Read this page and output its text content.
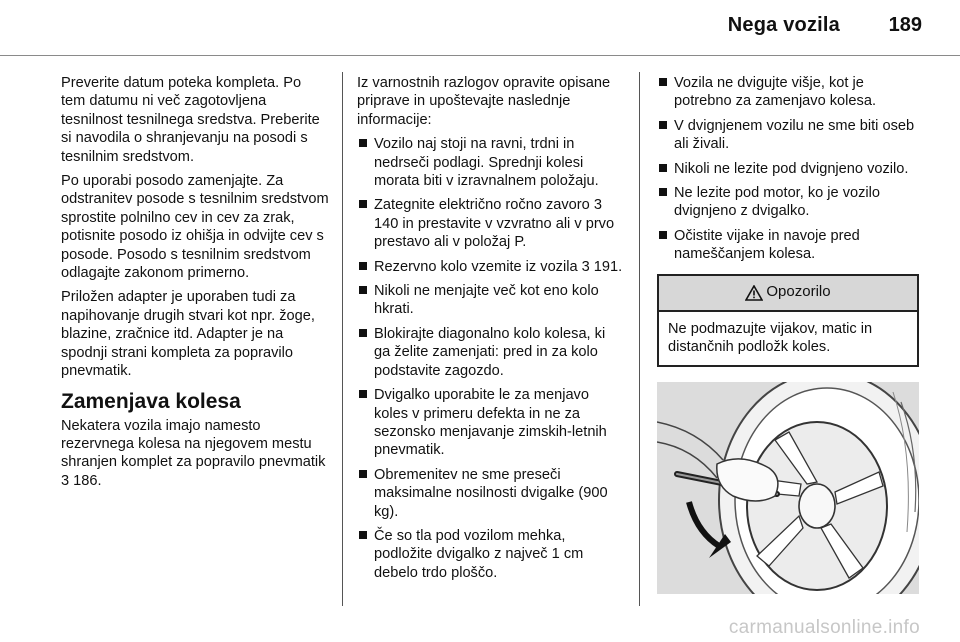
Nega vozila 189

Preverite datum poteka kompleta. Po tem datumu ni več zagotovljena tesnilnost tesnilnega sredstva. Preberite si navodila o shranjevanju na posodi s tesnilnim sredstvom.

Po uporabi posodo zamenjajte. Za odstranitev posode s tesnilnim sredstvom sprostite polnilno cev in cev za zrak, potisnite posodo iz ohišja in odvijte cev s posode. Posodo s tesnilnim sredstvom odlagajte zakonom primerno.

Priložen adapter je uporaben tudi za napihovanje drugih stvari kot npr. žoge, blazine, zračnice itd. Adapter je na spodnji strani kompleta za popravilo pnevmatik.

Zamenjava kolesa

Nekatera vozila imajo namesto rezervnega kolesa na njegovem mestu shranjen komplet za popravilo pnevmatik 3 186.

Iz varnostnih razlogov opravite opisane priprave in upoštevajte naslednje informacije:

Vozilo naj stoji na ravni, trdni in nedrseči podlagi. Sprednji kolesi morata biti v izravnalnem položaju.
Zategnite električno ročno zavoro 3 140 in prestavite v vzvratno ali v prvo prestavo ali v položaj P.
Rezervno kolo vzemite iz vozila 3 191.
Nikoli ne menjajte več kot eno kolo hkrati.
Blokirajte diagonalno kolo kolesa, ki ga želite zamenjati: pred in za kolo podstavite zagozdo.
Dvigalko uporabite le za menjavo koles v primeru defekta in ne za sezonsko menjavanje zimskih-letnih pnevmatik.
Obremenitev ne sme preseči maksimalne nosilnosti dvigalke (900 kg).
Če so tla pod vozilom mehka, podložite dvigalko z največ 1 cm debelo trdo ploščo.
Vozila ne dvigujte višje, kot je potrebno za zamenjavo kolesa.
V dvignjenem vozilu ne sme biti oseb ali živali.
Nikoli ne lezite pod dvignjeno vozilo.
Ne lezite pod motor, ko je vozilo dvignjeno z dvigalko.
Očistite vijake in navoje pred nameščanjem kolesa.
Opozorilo
Ne podmazujte vijakov, matic in distančnih podložk koles.
carmanualsonline.info
